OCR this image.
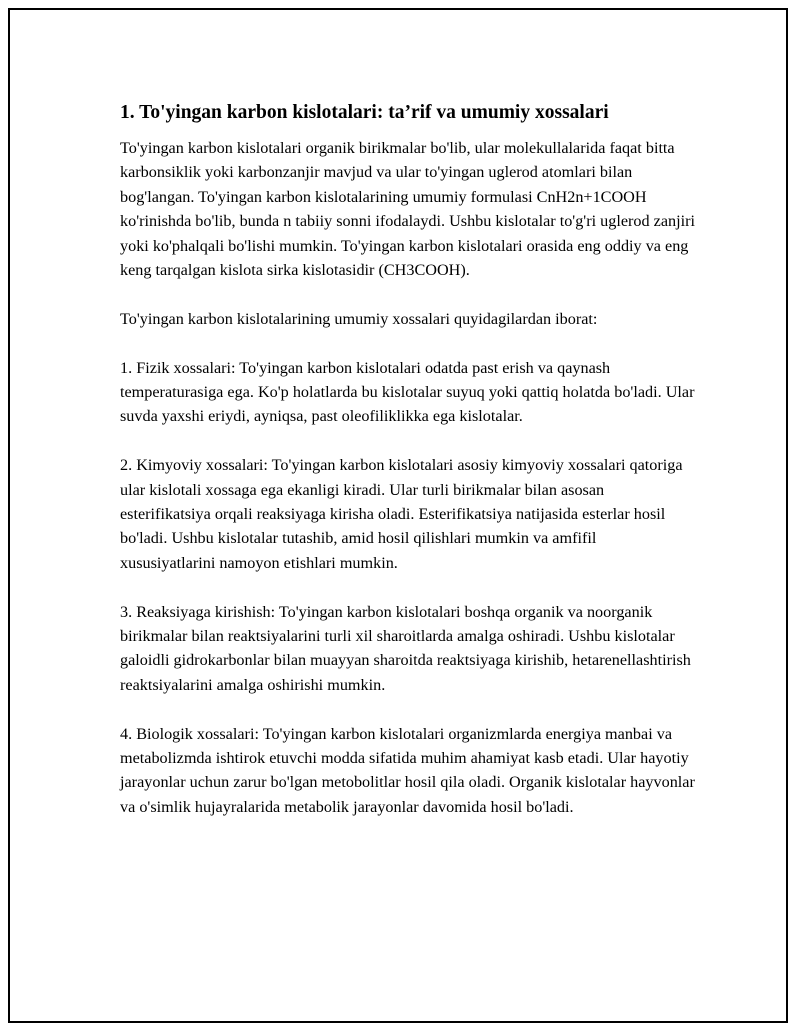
1. To'yingan karbon kislotalari: ta’rif va umumiy xossalari

To'yingan karbon kislotalari organik birikmalar bo'lib, ular molekullalarida faqat bitta karbonsiklik yoki karbonzanjir mavjud va ular to'yingan uglerod atomlari bilan bog'langan. To'yingan karbon kislotalarining umumiy formulasi CnH2n+1COOH ko'rinishda bo'lib, bunda n tabiiy sonni ifodalaydi. Ushbu kislotalar to'g'ri uglerod zanjiri yoki ko'phalqali bo'lishi mumkin. To'yingan karbon kislotalari orasida eng oddiy va eng keng tarqalgan kislota sirka kislotasidir (CH3COOH).

To'yingan karbon kislotalarining umumiy xossalari quyidagilardan iborat:

1. Fizik xossalari: To'yingan karbon kislotalari odatda past erish va qaynash temperaturasiga ega. Ko'p holatlarda bu kislotalar suyuq yoki qattiq holatda bo'ladi. Ular suvda yaxshi eriydi, ayniqsa, past oleofiliklikka ega kislotalar.

2. Kimyoviy xossalari: To'yingan karbon kislotalari asosiy kimyoviy xossalari qatoriga ular kislotali xossaga ega ekanligi kiradi. Ular turli birikmalar bilan asosan esterifikatsiya orqali reaksiyaga kirisha oladi. Esterifikatsiya natijasida esterlar hosil bo'ladi. Ushbu kislotalar tutashib, amid hosil qilishlari mumkin va amfifil xususiyatlarini namoyon etishlari mumkin.

3. Reaksiyaga kirishish: To'yingan karbon kislotalari boshqa organik va noorganik birikmalar bilan reaktsiyalarini turli xil sharoitlarda amalga oshiradi. Ushbu kislotalar galoidli gidrokarbonlar bilan muayyan sharoitda reaktsiyaga kirishib, hetarenellashtirish reaktsiyalarini amalga oshirishi mumkin.

4. Biologik xossalari: To'yingan karbon kislotalari organizmlarda energiya manbai va metabolizmda ishtirok etuvchi modda sifatida muhim ahamiyat kasb etadi. Ular hayotiy jarayonlar uchun zarur bo'lgan metobolitlar hosil qila oladi. Organik kislotalar hayvonlar va o'simlik hujayralarida metabolik jarayonlar davomida hosil bo'ladi.
